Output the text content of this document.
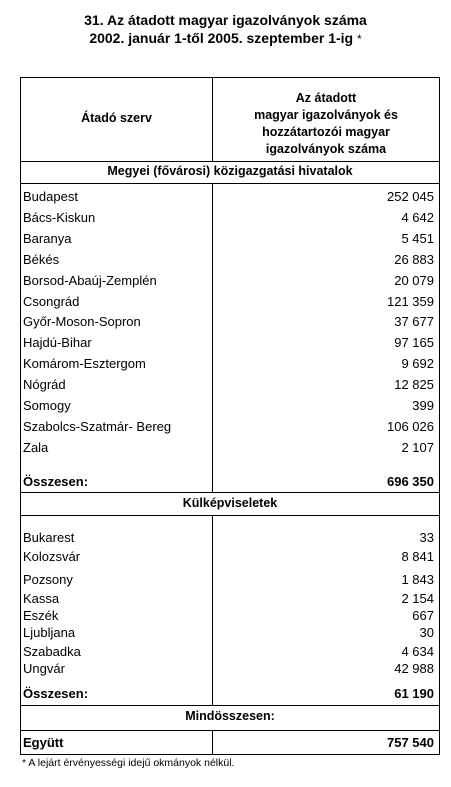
31. Az átadott magyar igazolványok száma
2002. január 1-től 2005. szeptember 1-ig *
Átadó szerv
Az átadott
magyar igazolványok és
hozzátartozói magyar
igazolványok száma
Megyei (fővárosi) közigazgatási hivatalok
Külképviseletek
Mindösszesen:
Budapest	252 045
Bács-Kiskun	4 642
Baranya	5 451
Békés	26 883
Borsod-Abaúj-Zemplén	20 079
Csongrád	121 359
Győr-Moson-Sopron	37 677
Hajdú-Bihar	97 165
Komárom-Esztergom	9 692
Nógrád	12 825
Somogy	399
Szabolcs-Szatmár- Bereg	106 026
Zala	2 107
Összesen:	696 350
Bukarest	33
Kolozsvár	8 841
Pozsony	1 843
Kassa	2 154
Eszék	667
Ljubljana	30
Szabadka	4 634
Ungvár	42 988
Összesen:	61 190
Együtt	757 540
* A lejárt érvényességi idejű okmányok nélkül.
